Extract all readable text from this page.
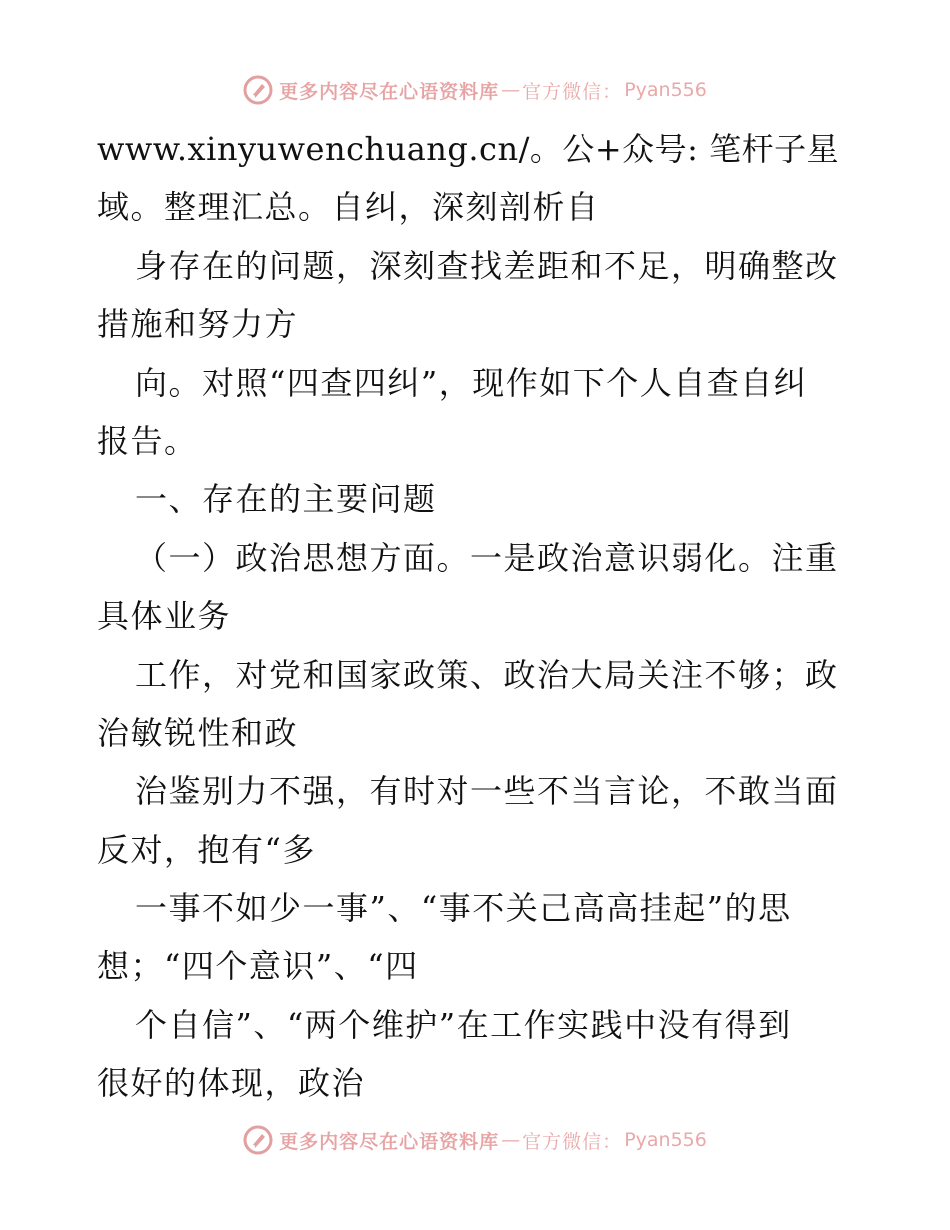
更多内容尽在心语资料库 — 官方微信： Pyan556
www.xinyuwenchuang.cn/。公+众号: 笔杆子星
域。整理汇总。自纠，深刻剖析自
身存在的问题，深刻查找差距和不足，明确整改
措施和努力方
向。对照“四查四纠”，现作如下个人自查自纠
报告。
一、存在的主要问题
（一）政治思想方面。一是政治意识弱化。注重
具体业务
工作，对党和国家政策、政治大局关注不够；政
治敏锐性和政
治鉴别力不强，有时对一些不当言论，不敢当面
反对，抱有“多
一事不如少一事”、“事不关己高高挂起”的思
想；“四个意识”、“四
个自信”、“两个维护”在工作实践中没有得到
很好的体现，政治
更多内容尽在心语资料库 — 官方微信： Pyan556
